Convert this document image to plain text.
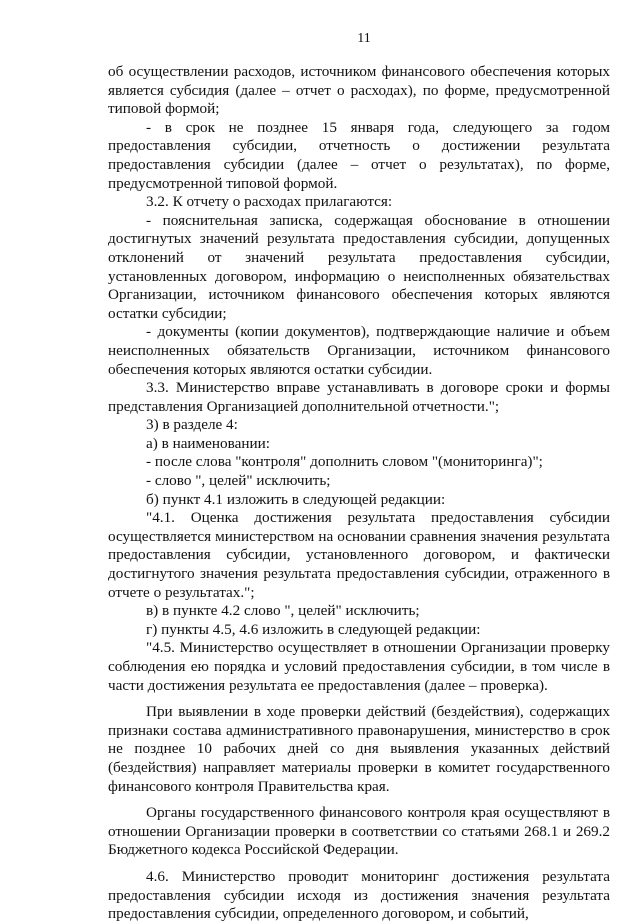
11

об осуществлении расходов, источником финансового обеспечения которых является субсидия (далее – отчет о расходах), по форме, предусмотренной типовой формой;

- в срок не позднее 15 января года, следующего за годом предоставления субсидии, отчетность о достижении результата предоставления субсидии (далее – отчет о результатах), по форме, предусмотренной типовой формой.

3.2. К отчету о расходах прилагаются:

- пояснительная записка, содержащая обоснование в отношении достигнутых значений результата предоставления субсидии, допущенных отклонений от значений результата предоставления субсидии, установленных договором, информацию о неисполненных обязательствах Организации, источником финансового обеспечения которых являются остатки субсидии;

- документы (копии документов), подтверждающие наличие и объем неисполненных обязательств Организации, источником финансового обеспечения которых являются остатки субсидии.

3.3. Министерство вправе устанавливать в договоре сроки и формы представления Организацией дополнительной отчетности.";

3) в разделе 4:

а) в наименовании:

- после слова "контроля" дополнить словом "(мониторинга)";

- слово ", целей" исключить;

б) пункт 4.1 изложить в следующей редакции:

"4.1. Оценка достижения результата предоставления субсидии осуществляется министерством на основании сравнения значения результата предоставления субсидии, установленного договором, и фактически достигнутого значения результата предоставления субсидии, отраженного в отчете о результатах.";

в) в пункте 4.2 слово ", целей" исключить;

г) пункты 4.5, 4.6 изложить в следующей редакции:

"4.5. Министерство осуществляет в отношении Организации проверку соблюдения ею порядка и условий предоставления субсидии, в том числе в части достижения результата ее предоставления (далее – проверка).

При выявлении в ходе проверки действий (бездействия), содержащих признаки состава административного правонарушения, министерство в срок не позднее 10 рабочих дней со дня выявления указанных действий (бездействия) направляет материалы проверки в комитет государственного финансового контроля Правительства края.

Органы государственного финансового контроля края осуществляют в отношении Организации проверки в соответствии со статьями 268.1 и 269.2 Бюджетного кодекса Российской Федерации.

4.6. Министерство проводит мониторинг достижения результата предоставления субсидии исходя из достижения значения результата предоставления субсидии, определенного договором, и событий,
